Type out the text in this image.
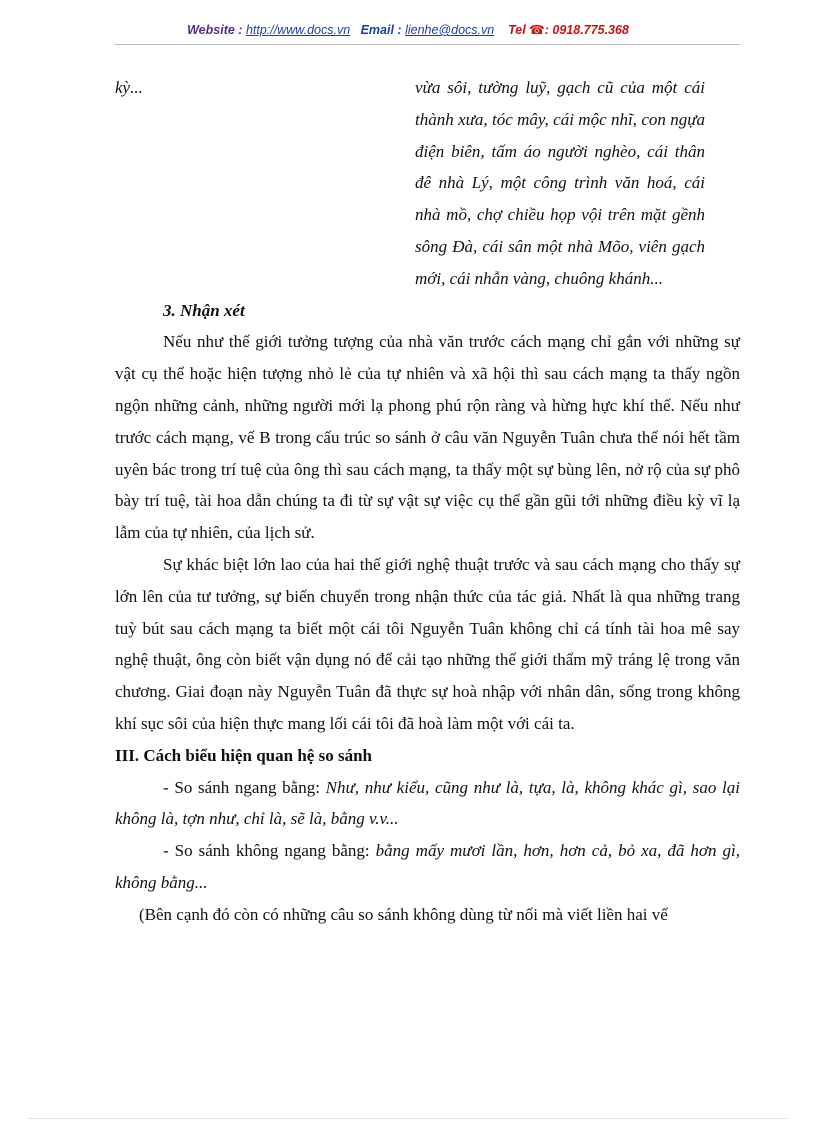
Website : http://www.docs.vn Email : lienhe@docs.vn Tel ☎: 0918.775.368

kỳ...	vừa sôi, tường luỹ, gạch cũ của một cái thành xưa, tóc mây, cái mộc nhĩ, con ngựa điện biên, tấm áo người nghèo, cái thân đê nhà Lý, một công trình văn hoá, cái nhà mồ, chợ chiều họp vội trên mặt gềnh sông Đà, cái sân một nhà Mõo, viên gạch mới, cái nhẫn vàng, chuông khánh...

3. Nhận xét

Nếu như thế giới tưởng tượng của nhà văn trước cách mạng chỉ gắn với những sự vật cụ thể hoặc hiện tượng nhỏ lẻ của tự nhiên và xã hội thì sau cách mạng ta thấy ngồn ngộn những cảnh, những người mới lạ phong phú rộn ràng và hừng hực khí thế. Nếu như trước cách mạng, vế B trong cấu trúc so sánh ở câu văn Nguyễn Tuân chưa thể nói hết tầm uyên bác trong trí tuệ của ông thì sau cách mạng, ta thấy một sự bùng lên, nở rộ của sự phô bày trí tuệ, tài hoa dẫn chúng ta đi từ sự vật sự việc cụ thể gần gũi tới những điều kỳ vĩ lạ lẫm của tự nhiên, của lịch sử.

Sự khác biệt lớn lao của hai thế giới nghệ thuật trước và sau cách mạng cho thấy sự lớn lên của tư tưởng, sự biến chuyển trong nhận thức của tác giả. Nhất là qua những trang tuỳ bút sau cách mạng ta biết một cái tôi Nguyễn Tuân không chỉ cá tính tài hoa mê say nghệ thuật, ông còn biết vận dụng nó để cải tạo những thế giới thẩm mỹ tráng lệ trong văn chương. Giai đoạn này Nguyễn Tuân đã thực sự hoà nhập với nhân dân, sống trong không khí sục sôi của hiện thực mang lối cái tôi đã hoà làm một với cái ta.

III. Cách biểu hiện quan hệ so sánh

- So sánh ngang bằng: Như, như kiểu, cũng như là, tựa, là, không khác gì, sao lại không là, tợn như, chỉ là, sẽ là, bằng v.v...

- So sánh không ngang bằng: bằng mấy mươi lần, hơn, hơn cả, bỏ xa, đã hơn gì, không bằng...

(Bên cạnh đó còn có những câu so sánh không dùng từ nối mà viết liền hai vế
